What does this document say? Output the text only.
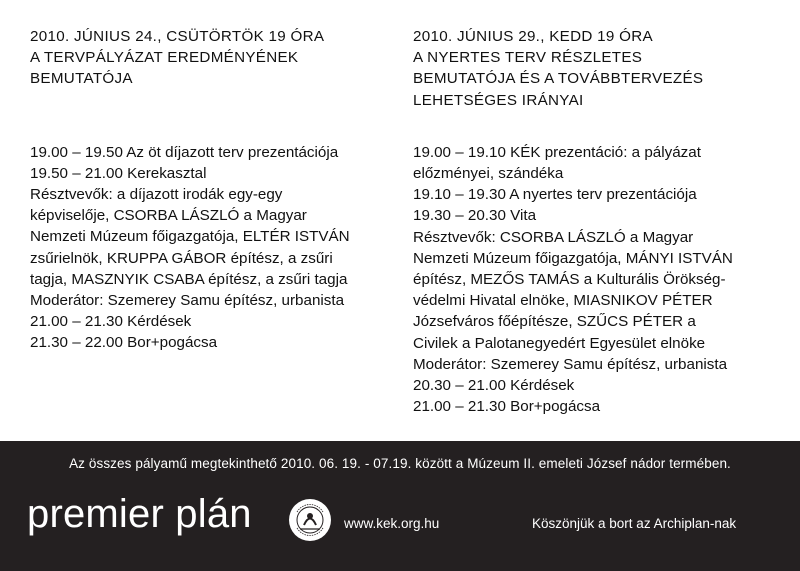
2010. JÚNIUS 24., CSÜTÖRTÖK 19 ÓRA
A TERVPÁLYÁZAT EREDMÉNYÉNEK
BEMUTATÓJA
19.00 – 19.50 Az öt díjazott terv prezentációja
19.50 – 21.00 Kerekasztal
Résztvevők: a díjazott irodák egy-egy
képviselője, CSORBA LÁSZLÓ a Magyar
Nemzeti Múzeum főigazgatója, ELTÉR ISTVÁN
zsűrielnök, KRUPPA GÁBOR építész, a zsűri
tagja, MASZNYIK CSABA építész, a zsűri tagja
Moderátor: Szemerey Samu építész, urbanista
21.00 – 21.30 Kérdések
21.30 – 22.00 Bor+pogácsa
2010. JÚNIUS 29., KEDD 19 ÓRA
A NYERTES TERV RÉSZLETES
BEMUTATÓJA ÉS A TOVÁBBTERVEZÉS
LEHETSÉGES IRÁNYAI
19.00 – 19.10 KÉK prezentáció: a pályázat
előzményei, szándéka
19.10 – 19.30 A nyertes terv prezentációja
19.30 – 20.30 Vita
Résztvevők: CSORBA LÁSZLÓ a Magyar
Nemzeti Múzeum főigazgatója, MÁNYI ISTVÁN
építész, MEZŐS TAMÁS a Kulturális Örökség-
védelmi Hivatal elnöke, MIASNIKOV PÉTER
Józsefváros főépítésze, SZŰCS PÉTER a
Civilek a Palotanegyedért Egyesület elnöke
Moderátor: Szemerey Samu építész, urbanista
20.30 – 21.00 Kérdések
21.00 – 21.30 Bor+pogácsa
Az összes pályamű megtekinthető 2010. 06. 19. - 07.19. között a Múzeum II. emeleti József nádor termében.
premier plán	www.kek.org.hu	Köszönjük a bort az Archiplan-nak
